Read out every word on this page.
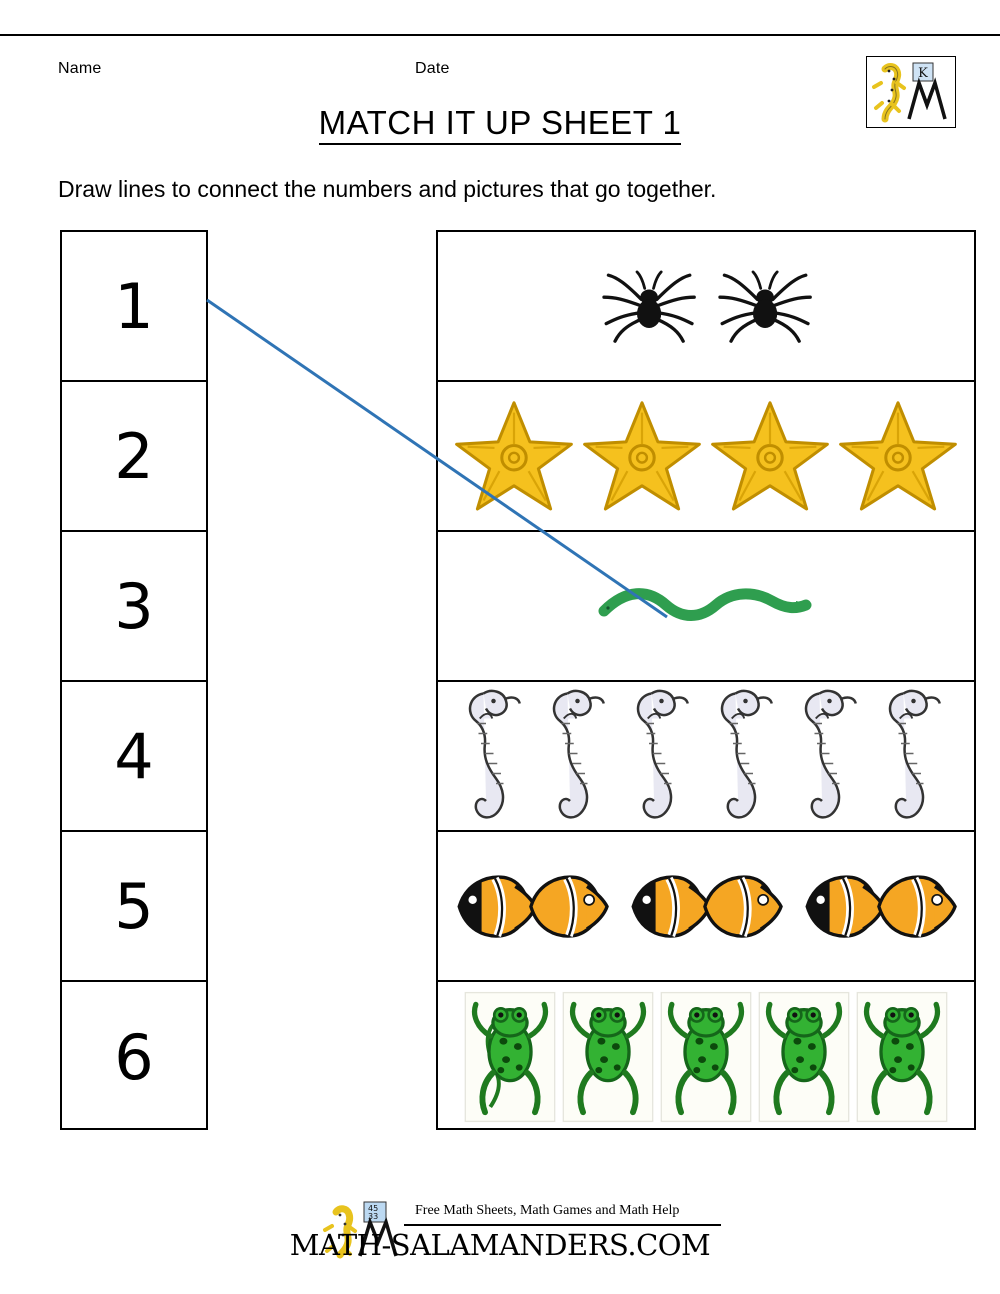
Name	Date	K
MATCH IT UP SHEET 1
Draw lines to connect the numbers and pictures that go together.
1
2
3
4
5
6
45
33	Free Math Sheets, Math Games and Math Help
MATH-SALAMANDERS.COM
